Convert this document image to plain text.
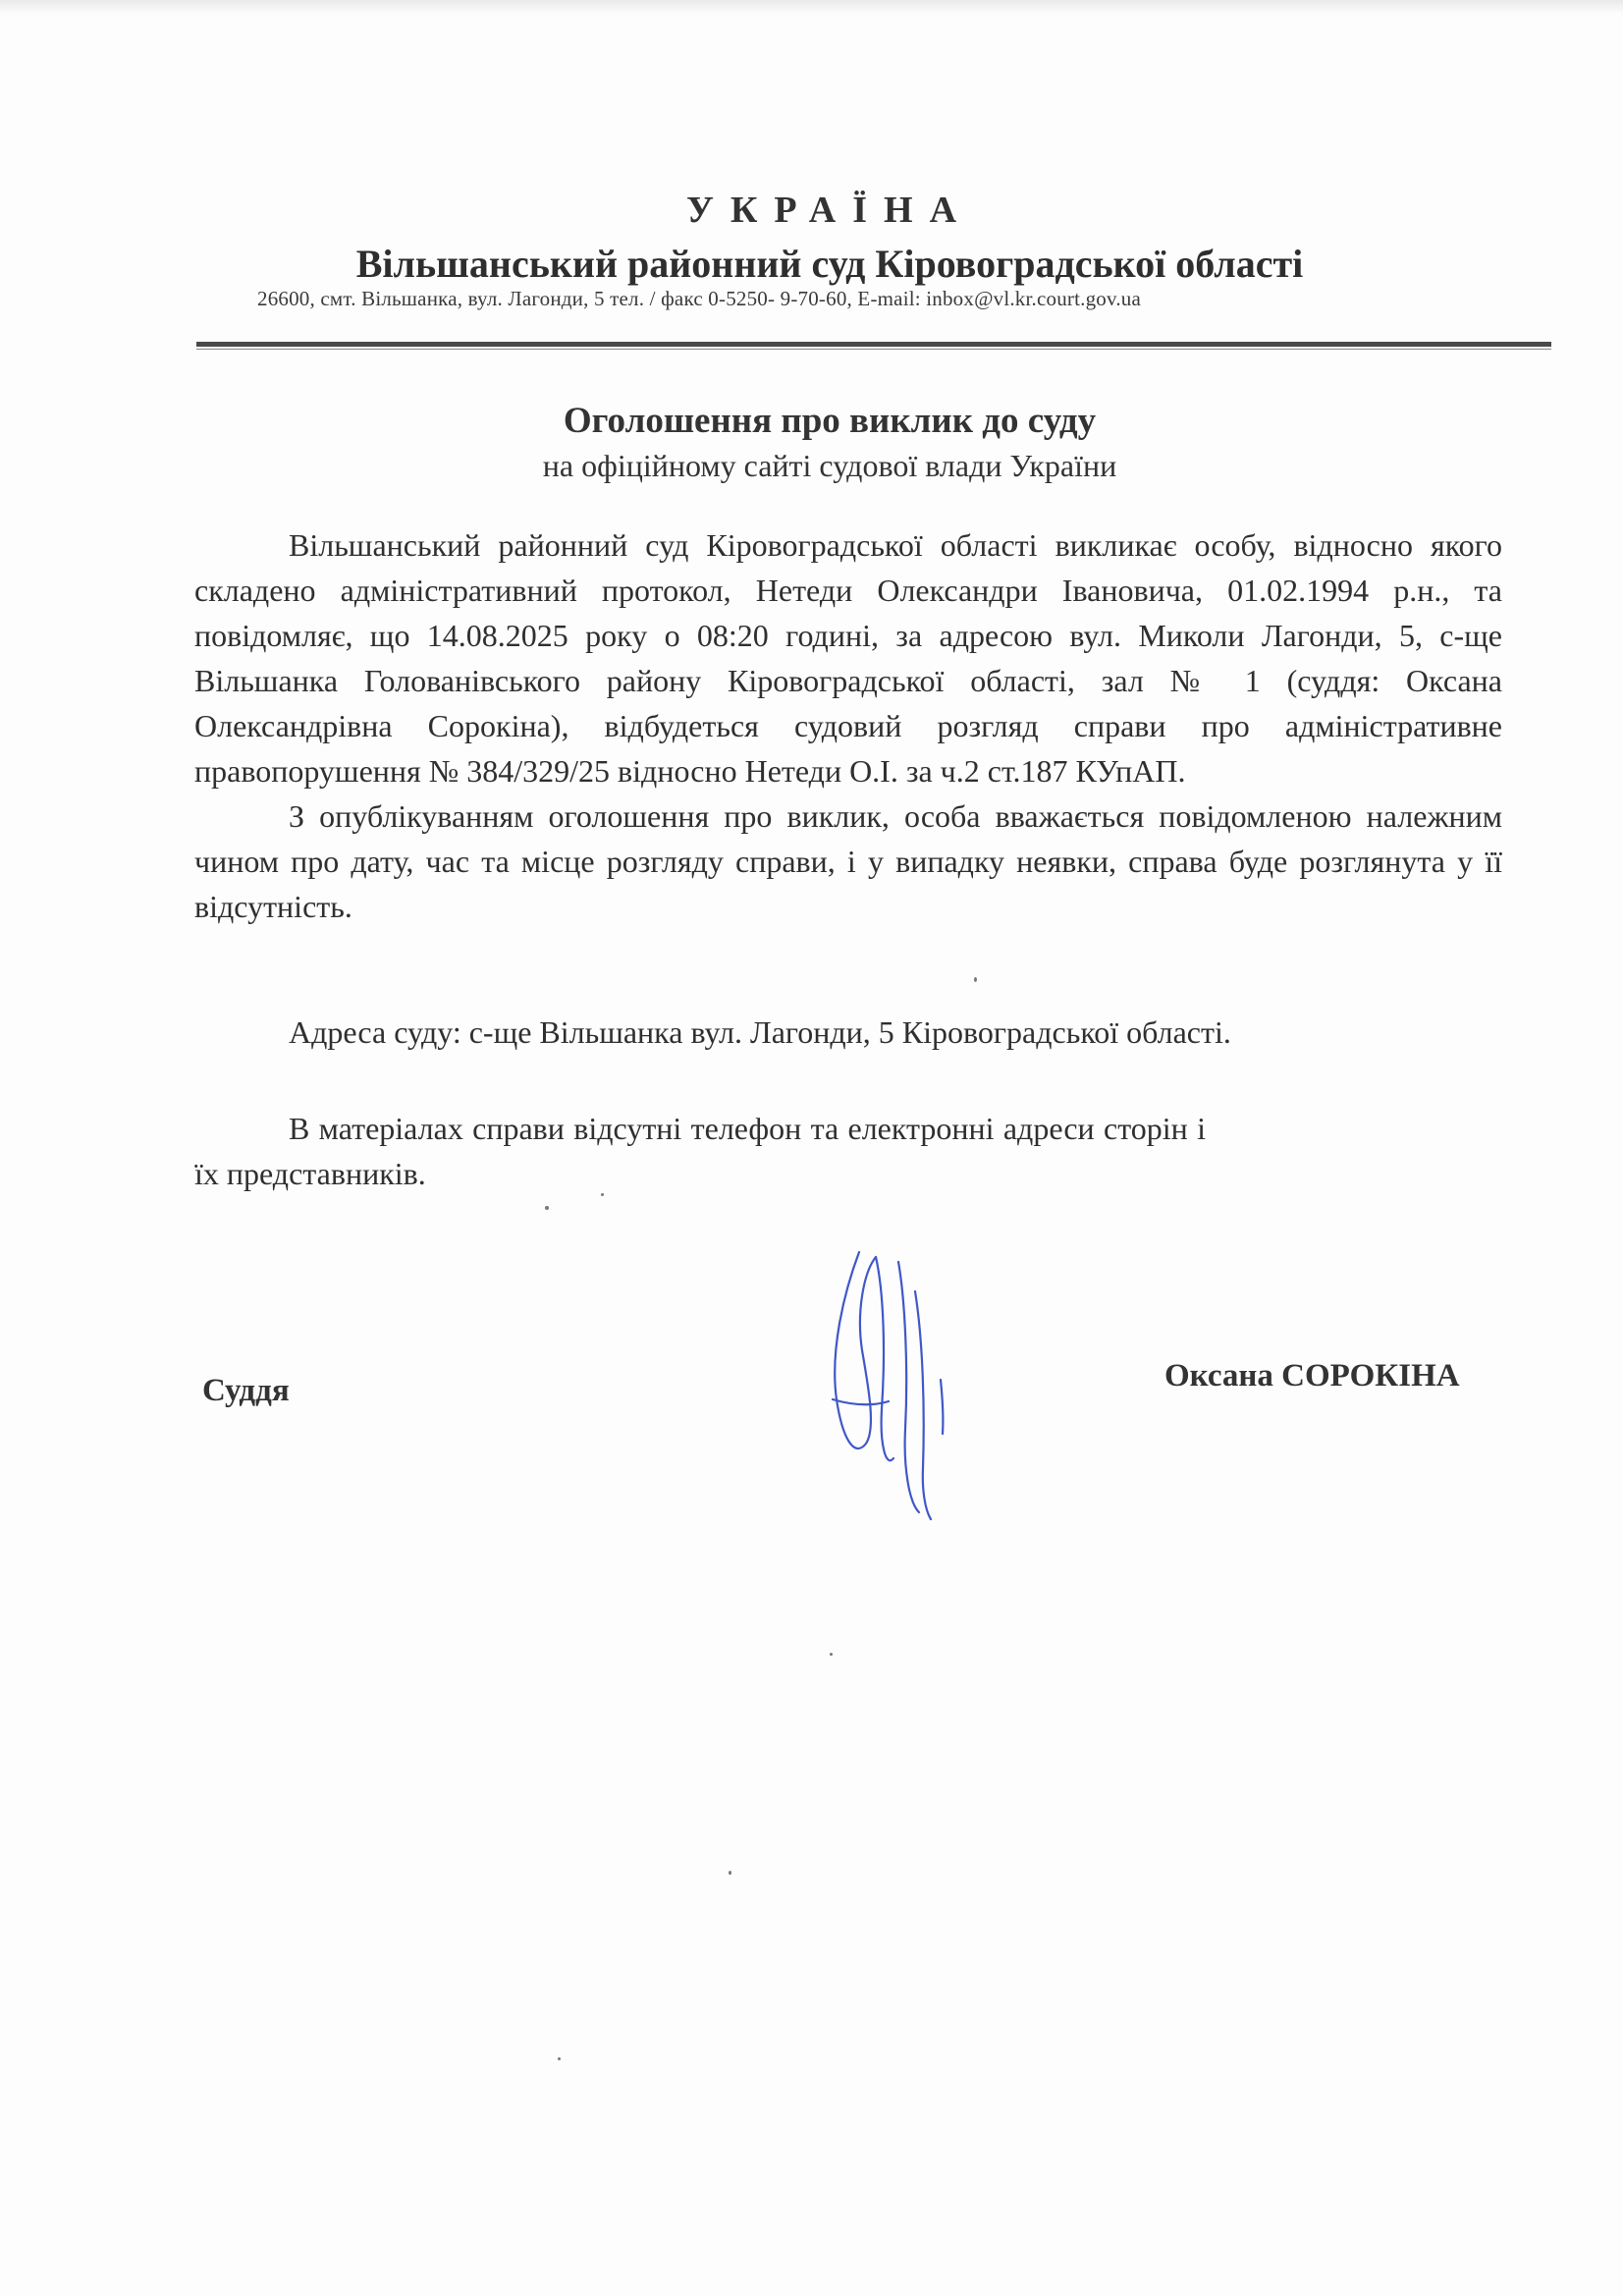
УКРАЇНА
Вільшанський районний суд Кіровоградської області
26600, смт. Вільшанка, вул. Лагонди, 5 тел. / факс 0-5250- 9-70-60, E-mail: inbox@vl.kr.court.gov.ua
Оголошення про виклик до суду
на офіційному сайті судової влади України

Вільшанський районний суд Кіровоградської області викликає особу, відносно якого складено адміністративний протокол, Нетеди Олександри Івановича, 01.02.1994 р.н., та повідомляє, що 14.08.2025 року о 08:20 годині, за адресою вул. Миколи Лагонди, 5, с-ще Вільшанка Голованівського району Кіровоградської області, зал № 1 (суддя: Оксана Олександрівна Сорокіна), відбудеться судовий розгляд справи про адміністративне правопорушення № 384/329/25 відносно Нетеди О.І. за ч.2 ст.187 КУпАП.

З опублікуванням оголошення про виклик, особа вважається повідомленою належним чином про дату, час та місце розгляду справи, і у випадку неявки, справа буде розглянута у її відсутність.

Адреса суду: с-ще Вільшанка вул. Лагонди, 5 Кіровоградської області.
В матеріалах справи відсутні телефон та електронні адреси сторін і їх представників.
Суддя	Оксана СОРОКІНА
